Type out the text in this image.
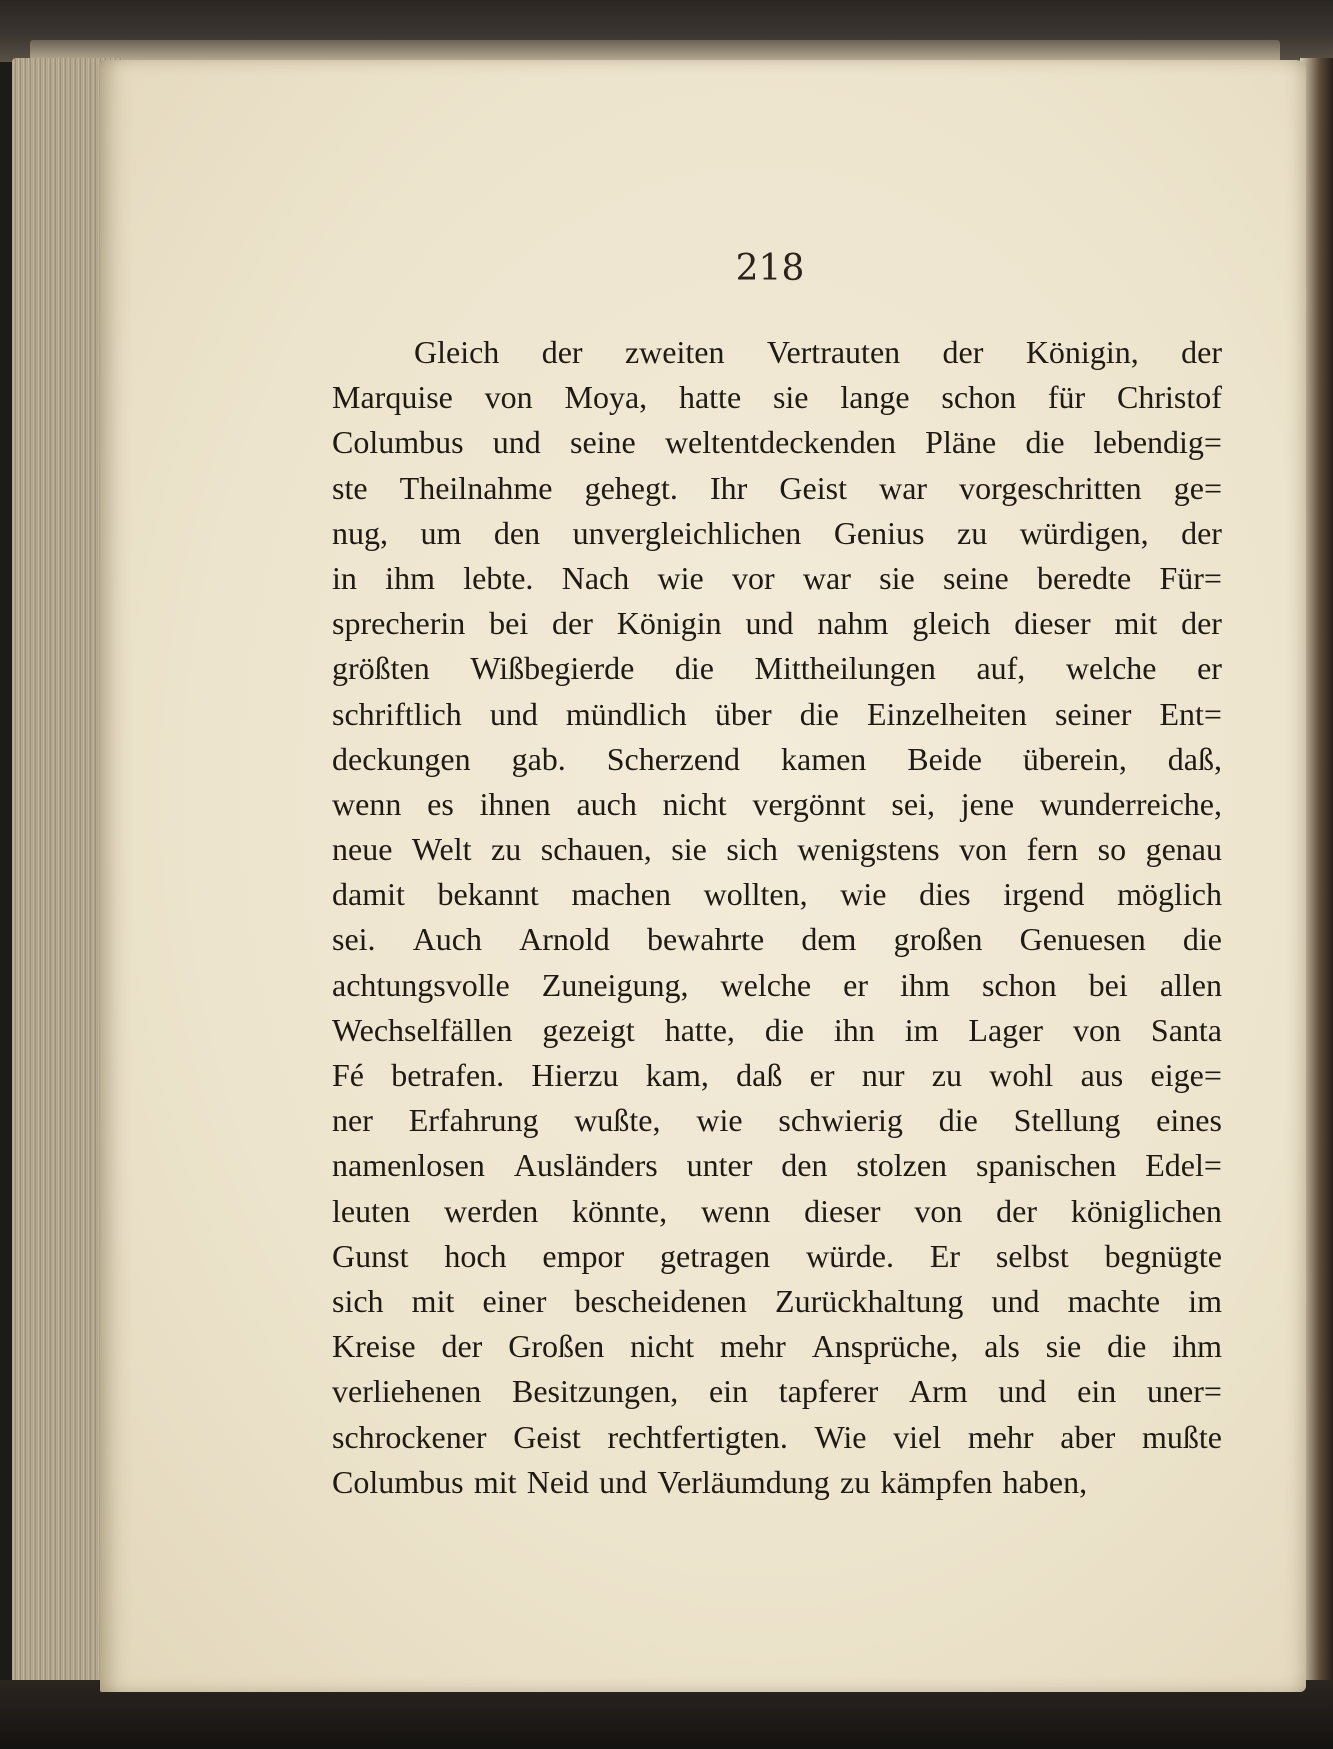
218
Gleich der zweiten Vertrauten der Königin, der
Marquise von Moya, hatte sie lange schon für Christof
Columbus und seine weltentdeckenden Pläne die lebendig=
ste Theilnahme gehegt. Ihr Geist war vorgeschritten ge=
nug, um den unvergleichlichen Genius zu würdigen, der
in ihm lebte. Nach wie vor war sie seine beredte Für=
sprecherin bei der Königin und nahm gleich dieser mit der
größten Wißbegierde die Mittheilungen auf, welche er
schriftlich und mündlich über die Einzelheiten seiner Ent=
deckungen gab. Scherzend kamen Beide überein, daß,
wenn es ihnen auch nicht vergönnt sei, jene wunderreiche,
neue Welt zu schauen, sie sich wenigstens von fern so genau
damit bekannt machen wollten, wie dies irgend möglich
sei. Auch Arnold bewahrte dem großen Genuesen die
achtungsvolle Zuneigung, welche er ihm schon bei allen
Wechselfällen gezeigt hatte, die ihn im Lager von Santa
Fé betrafen. Hierzu kam, daß er nur zu wohl aus eige=
ner Erfahrung wußte, wie schwierig die Stellung eines
namenlosen Ausländers unter den stolzen spanischen Edel=
leuten werden könnte, wenn dieser von der königlichen
Gunst hoch empor getragen würde. Er selbst begnügte
sich mit einer bescheidenen Zurückhaltung und machte im
Kreise der Großen nicht mehr Ansprüche, als sie die ihm
verliehenen Besitzungen, ein tapferer Arm und ein uner=
schrockener Geist rechtfertigten. Wie viel mehr aber mußte
Columbus mit Neid und Verläumdung zu kämpfen haben,
